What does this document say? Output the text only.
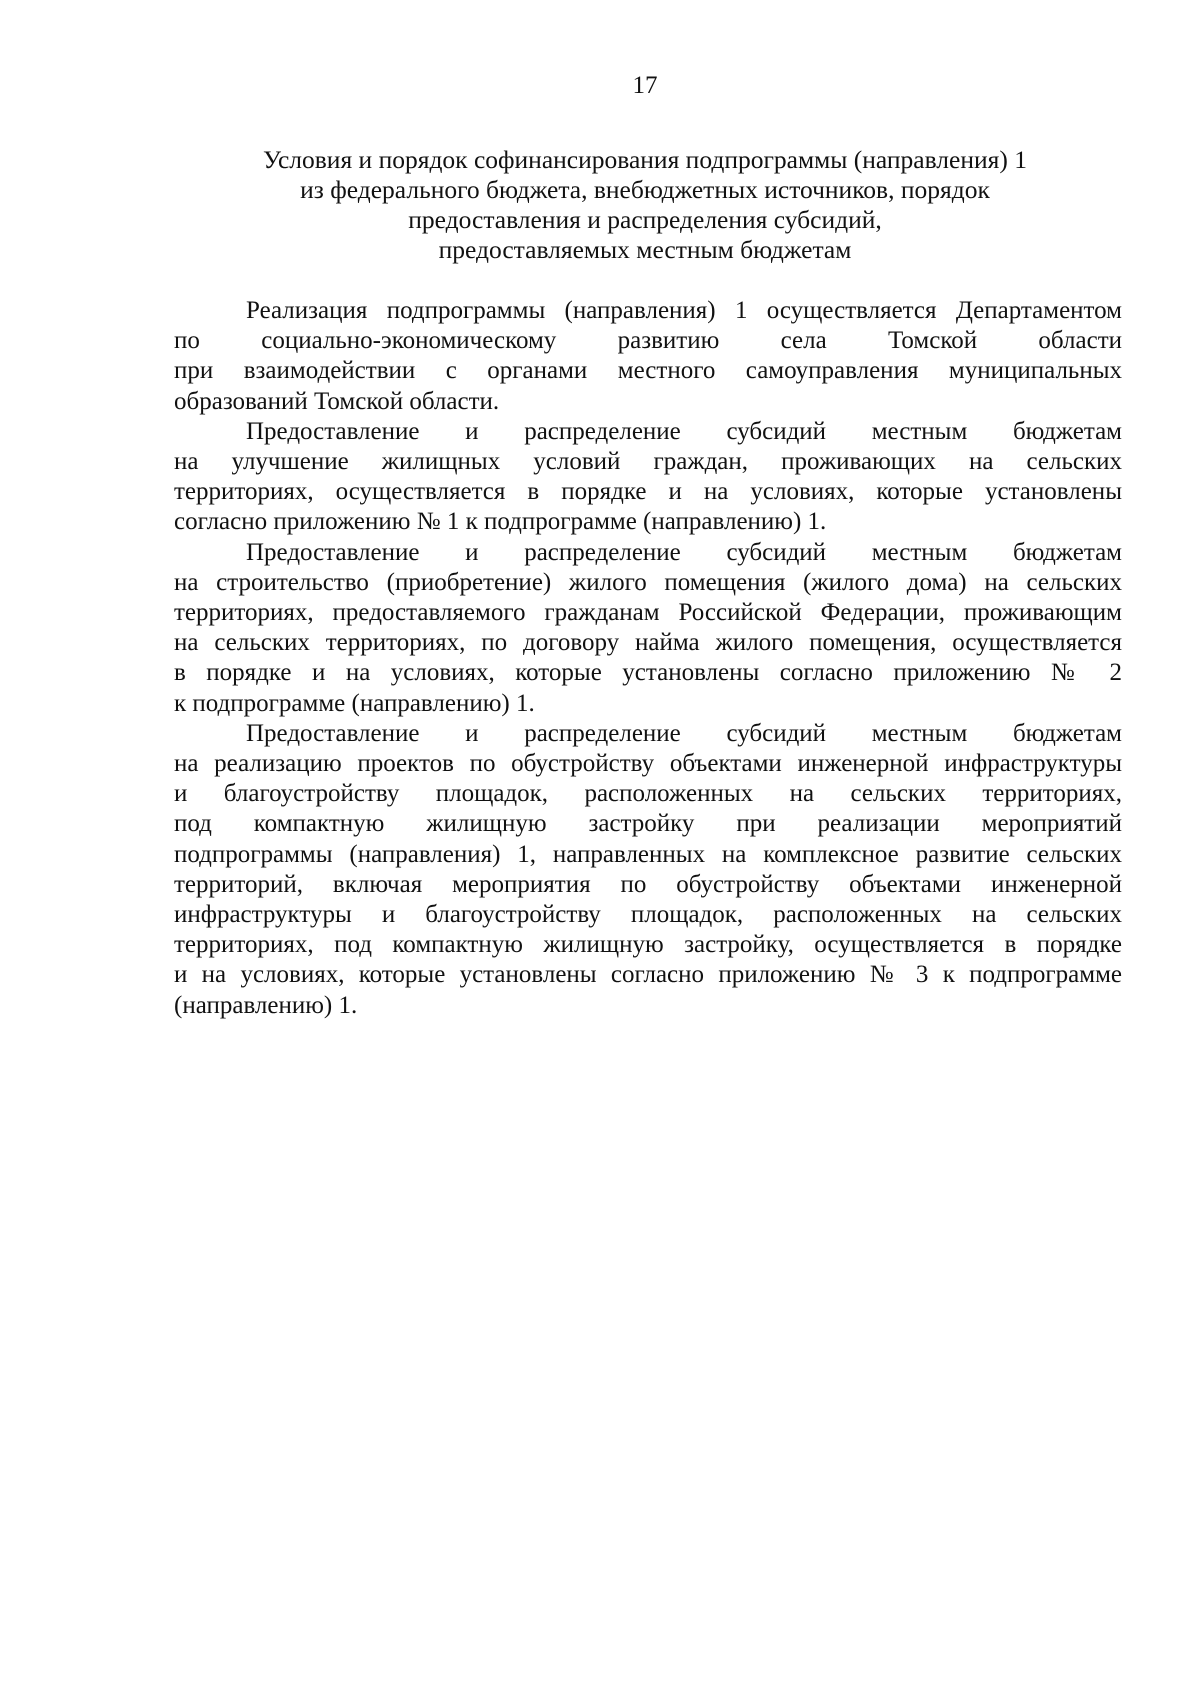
17
Условия и порядок софинансирования подпрограммы (направления) 1
из федерального бюджета, внебюджетных источников, порядок
предоставления и распределения субсидий,
предоставляемых местным бюджетам
Реализация подпрограммы (направления) 1 осуществляется Департаментом
по социально-экономическому развитию села Томской области
при взаимодействии с органами местного самоуправления муниципальных
образований Томской области.
Предоставление и распределение субсидий местным бюджетам
на улучшение жилищных условий граждан, проживающих на сельских
территориях, осуществляется в порядке и на условиях, которые установлены
согласно приложению № 1 к подпрограмме (направлению) 1.
Предоставление и распределение субсидий местным бюджетам
на строительство (приобретение) жилого помещения (жилого дома) на сельских
территориях, предоставляемого гражданам Российской Федерации, проживающим
на сельских территориях, по договору найма жилого помещения, осуществляется
в порядке и на условиях, которые установлены согласно приложению № 2
к подпрограмме (направлению) 1.
Предоставление и распределение субсидий местным бюджетам
на реализацию проектов по обустройству объектами инженерной инфраструктуры
и благоустройству площадок, расположенных на сельских территориях,
под компактную жилищную застройку при реализации мероприятий
подпрограммы (направления) 1, направленных на комплексное развитие сельских
территорий, включая мероприятия по обустройству объектами инженерной
инфраструктуры и благоустройству площадок, расположенных на сельских
территориях, под компактную жилищную застройку, осуществляется в порядке
и на условиях, которые установлены согласно приложению № 3 к подпрограмме
(направлению) 1.
